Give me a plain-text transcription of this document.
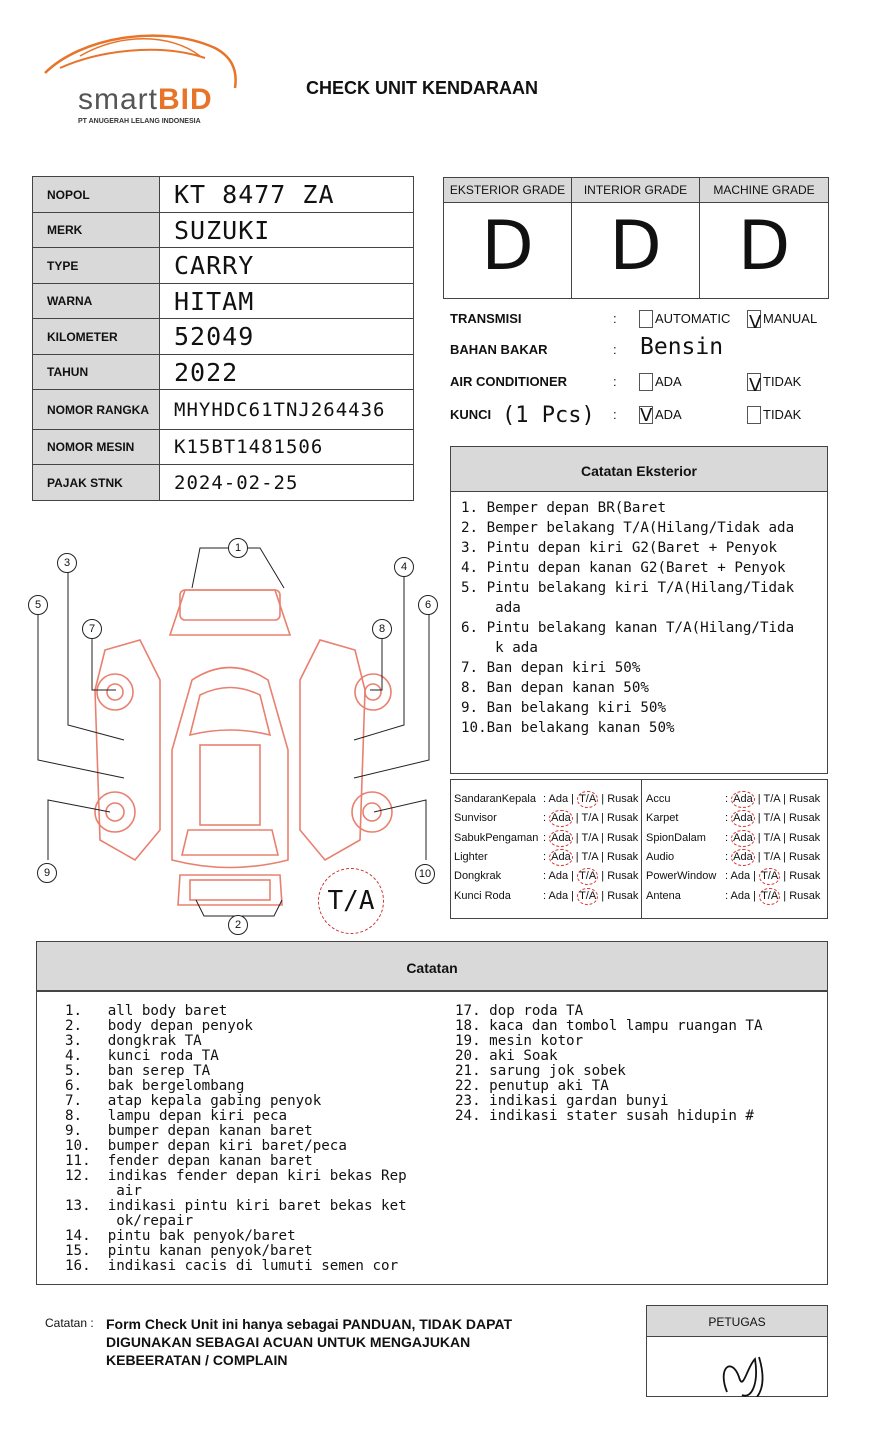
smartBID
PT ANUGERAH LELANG INDONESIA
CHECK UNIT KENDARAAN
NOPOL	KT 8477 ZA
MERK	SUZUKI
TYPE	CARRY
WARNA	HITAM
KILOMETER	52049
TAHUN	2022
NOMOR RANGKA	MHYHDC61TNJ264436
NOMOR MESIN	K15BT1481506
PAJAK STNK	2024-02-25
EKSTERIOR GRADE
D
INTERIOR GRADE
D
MACHINE GRADE
D
TRANSMISI	:	AUTOMATIC V MANUAL
BAHAN BAKAR	: Bensin
AIR CONDITIONER	:	ADA	V TIDAK
KUNCI (1 Pcs) : V ADA	TIDAK
Catatan Eksterior
1. Bemper depan BR(Baret
2. Bemper belakang T/A(Hilang/Tidak ada
3. Pintu depan kiri G2(Baret + Penyok
4. Pintu depan kanan G2(Baret + Penyok
5. Pintu belakang kiri T/A(Hilang/Tidak
ada
6. Pintu belakang kanan T/A(Hilang/Tida
k ada
7. Ban depan kiri 50%
8. Ban depan kanan 50%
9. Ban belakang kiri 50%
10.Ban belakang kanan 50%
SandaranKepala : Ada | T/A | Rusak
Sunvisor	: Ada | T/A | Rusak
SabukPengaman : Ada | T/A | Rusak
Lighter	: Ada | T/A | Rusak
Dongkrak	: Ada | T/A | Rusak
Kunci Roda	: Ada | T/A | Rusak
Accu	: Ada | T/A | Rusak
Karpet	: Ada | T/A | Rusak
SpionDalam : Ada | T/A | Rusak
Audio	: Ada | T/A | Rusak
PowerWindow : Ada | T/A | Rusak
Antena	: Ada | T/A | Rusak
1
2
3	4
5	6
7	8
9	10
T/A
Catatan
1.   all body baret
2.   body depan penyok
3.   dongkrak TA
4.   kunci roda TA
5.   ban serep TA
6.   bak bergelombang
7.   atap kepala gabing penyok
8.   lampu depan kiri peca
9.   bumper depan kanan baret
10.  bumper depan kiri baret/peca
11.  fender depan kanan baret
12.  indikas fender depan kiri bekas Rep
air
13.  indikasi pintu kiri baret bekas ket
ok/repair
14.  pintu bak penyok/baret
15.  pintu kanan penyok/baret
16.  indikasi cacis di lumuti semen cor
17. dop roda TA
18. kaca dan tombol lampu ruangan TA
19. mesin kotor
20. aki Soak
21. sarung jok sobek
22. penutup aki TA
23. indikasi gardan bunyi
24. indikasi stater susah hidupin #
Catatan : Form Check Unit ini hanya sebagai PANDUAN, TIDAK DAPAT DIGUNAKAN SEBAGAI ACUAN UNTUK MENGAJUKAN KEBEERATAN / COMPLAIN
PETUGAS
